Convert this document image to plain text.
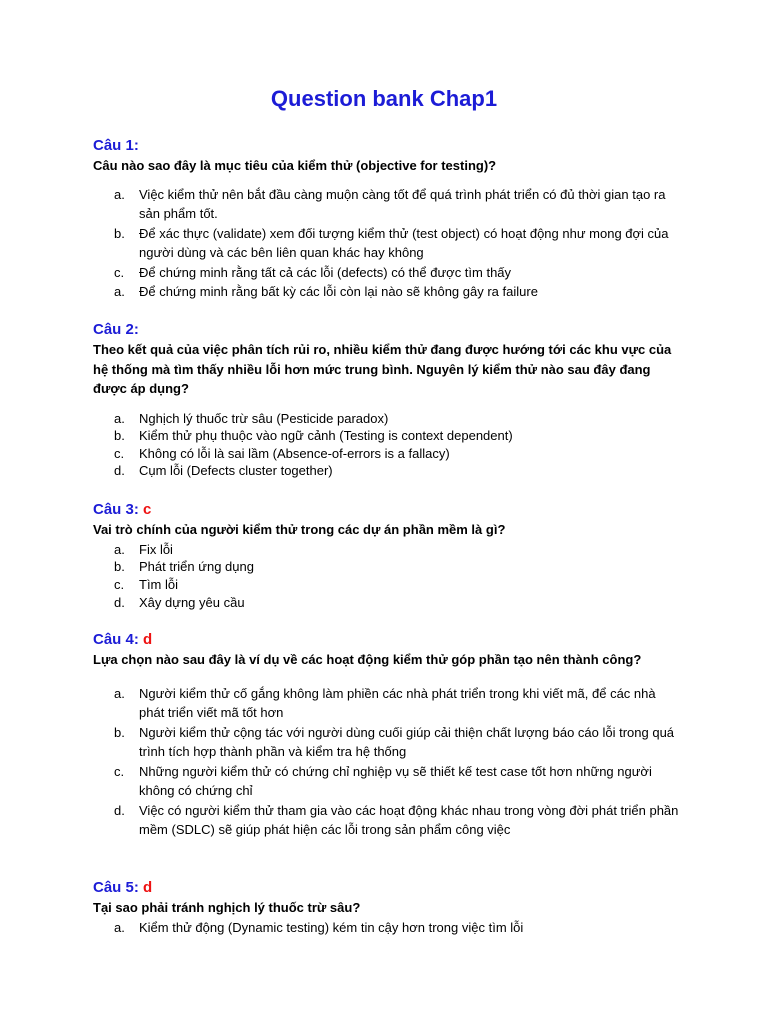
Question bank Chap1
Câu 1:

Câu nào sao đây là mục tiêu của kiểm thử (objective for testing)?

a. Việc kiểm thử nên bắt đầu càng muộn càng tốt để quá trình phát triển có đủ thời gian tạo ra sản phẩm tốt.
b. Để xác thực (validate) xem đối tượng kiểm thử (test object) có hoạt động như mong đợi của người dùng và các bên liên quan khác hay không
c. Để chứng minh rằng tất cả các lỗi (defects) có thể được tìm thấy
a. Để chứng minh rằng bất kỳ các lỗi còn lại nào sẽ không gây ra failure
Câu 2:

Theo kết quả của việc phân tích rủi ro, nhiều kiểm thử đang được hướng tới các khu vực của hệ thống mà tìm thấy nhiều lỗi hơn mức trung bình. Nguyên lý kiểm thử nào sau đây đang được áp dụng?

a. Nghịch lý thuốc trừ sâu (Pesticide paradox)
b. Kiểm thử phụ thuộc vào ngữ cảnh (Testing is context dependent)
c. Không có lỗi là sai lầm (Absence-of-errors is a fallacy)
d. Cụm lỗi (Defects cluster together)
Câu 3: c

Vai trò chính của người kiểm thử trong các dự án phần mềm là gì?

a. Fix lỗi
b. Phát triển ứng dụng
c. Tìm lỗi
d. Xây dựng yêu cầu
Câu 4: d

Lựa chọn nào sau đây là ví dụ về các hoạt động kiểm thử góp phần tạo nên thành công?

a. Người kiểm thử cố gắng không làm phiền các nhà phát triển trong khi viết mã, để các nhà phát triển viết mã tốt hơn
b. Người kiểm thử cộng tác với người dùng cuối giúp cải thiện chất lượng báo cáo lỗi trong quá trình tích hợp thành phần và kiểm tra hệ thống
c. Những người kiểm thử có chứng chỉ nghiệp vụ sẽ thiết kế test case tốt hơn những người không có chứng chỉ
d. Việc có người kiểm thử tham gia vào các hoạt động khác nhau trong vòng đời phát triển phần mềm (SDLC) sẽ giúp phát hiện các lỗi trong sản phẩm công việc
Câu 5: d

Tại sao phải tránh nghịch lý thuốc trừ sâu?

a. Kiểm thử động (Dynamic testing) kém tin cậy hơn trong việc tìm lỗi
